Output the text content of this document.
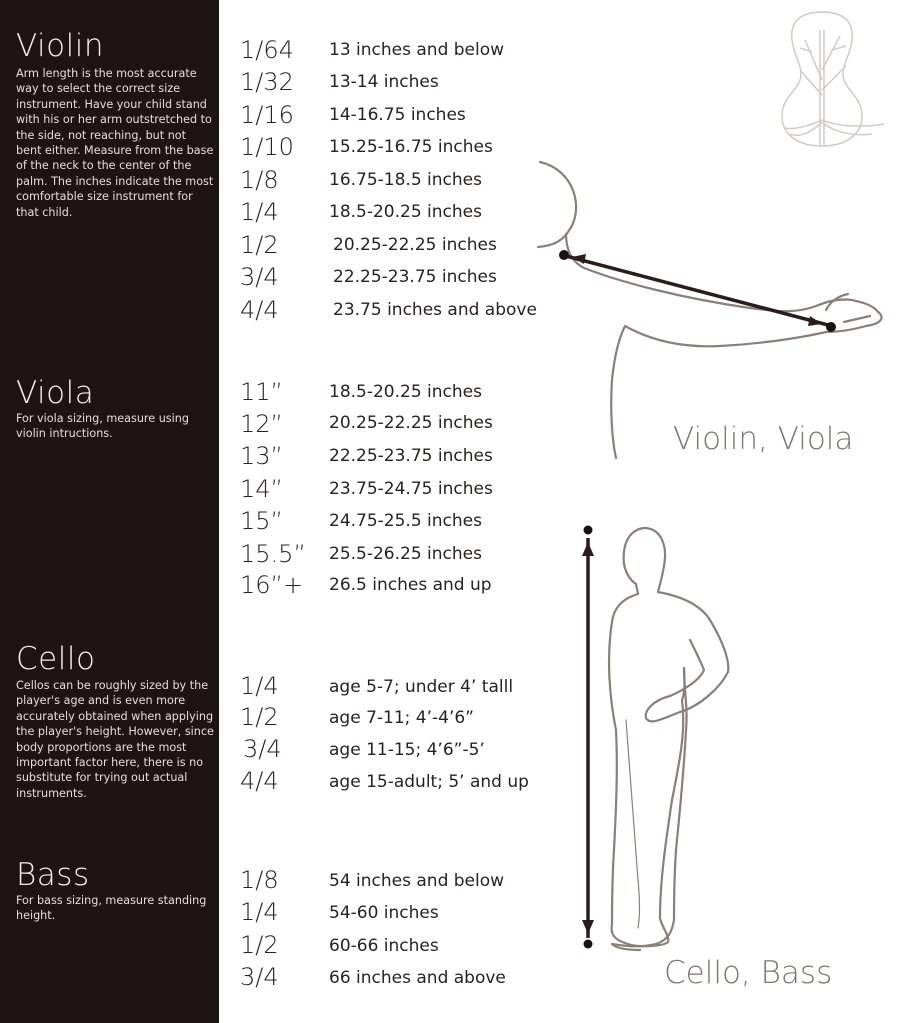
Violin
Arm length is the most accurate way to select the correct size instrument. Have your child stand with his or her arm outstretched to the side, not reaching, but not bent either. Measure from the base of the neck to the center of the palm. The inches indicate the most comfortable size instrument for that child.
Viola
For viola sizing, measure using violin intructions.
Cello
Cellos can be roughly sized by the player's age and is even more accurately obtained when applying the player's height. However, since body proportions are the most important factor here, there is no substitute for trying out actual instruments.
Bass
For bass sizing, measure standing height.
1/64 13 inches and below
1/32 13-14 inches
1/16 14-16.75 inches
1/10 15.25-16.75 inches
1/8	16.75-18.5 inches
1/4	18.5-20.25 inches
1/2	20.25-22.25 inches
3/4	22.25-23.75 inches
4/4	23.75 inches and above
11”	18.5-20.25 inches
12”	20.25-22.25 inches
13”	22.25-23.75 inches
14”	23.75-24.75 inches
15”	24.75-25.5 inches
15.5” 25.5-26.25 inches
16”+ 26.5 inches and up
1/4	age 5-7; under 4’ talll
1/2	age 7-11; 4’-4’6”
3/4	age 11-15; 4’6”-5’
4/4	age 15-adult; 5’ and up
1/8	54 inches and below
1/4	54-60 inches
1/2	60-66 inches
3/4	66 inches and above
Violin, Viola
Cello, Bass
